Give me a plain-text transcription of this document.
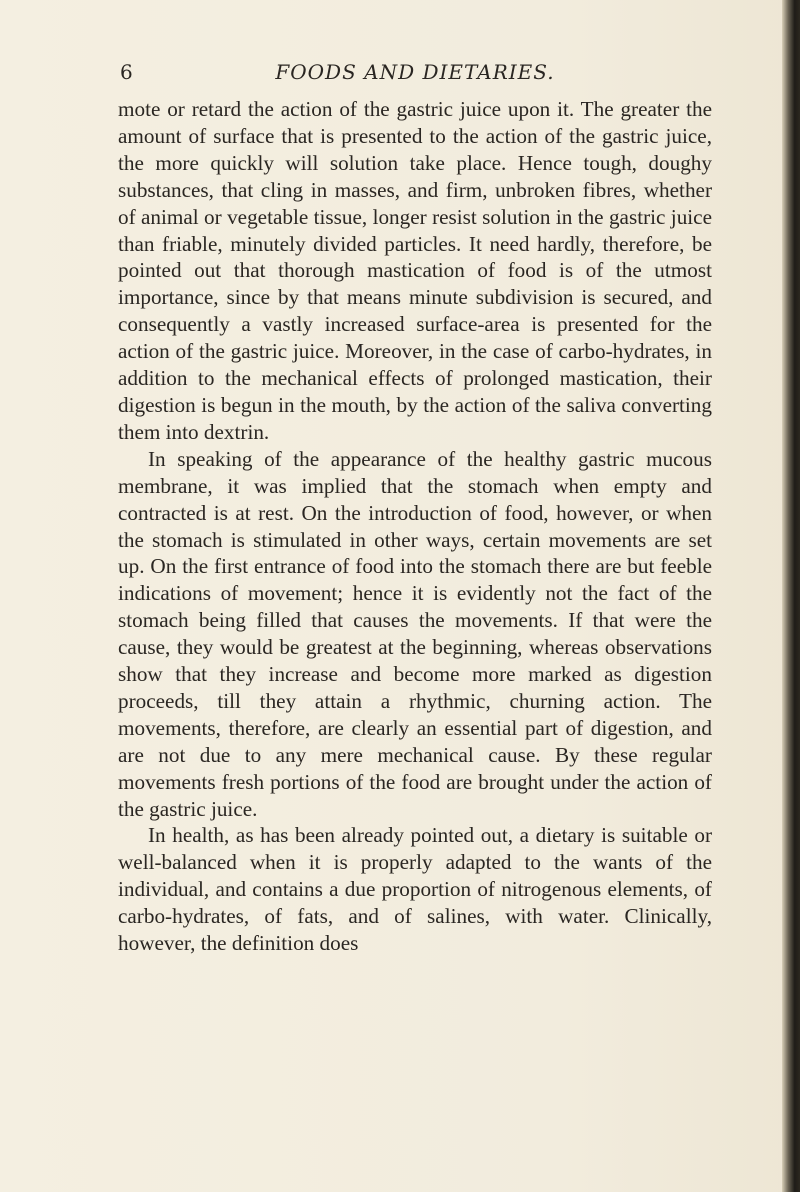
6	FOODS AND DIETARIES.

mote or retard the action of the gastric juice upon it. The greater the amount of surface that is presented to the action of the gastric juice, the more quickly will solution take place. Hence tough, doughy substances, that cling in masses, and firm, unbroken fibres, whether of animal or vegetable tissue, longer resist solution in the gastric juice than friable, minutely divided particles. It need hardly, therefore, be pointed out that thorough mastication of food is of the utmost importance, since by that means minute subdivision is secured, and consequently a vastly increased surface-area is presented for the action of the gastric juice. Moreover, in the case of carbo-hydrates, in addition to the mechanical effects of prolonged mastication, their digestion is begun in the mouth, by the action of the saliva converting them into dextrin.

In speaking of the appearance of the healthy gastric mucous membrane, it was implied that the stomach when empty and contracted is at rest. On the introduction of food, however, or when the stomach is stimulated in other ways, certain movements are set up. On the first entrance of food into the stomach there are but feeble indications of movement; hence it is evidently not the fact of the stomach being filled that causes the movements. If that were the cause, they would be greatest at the beginning, whereas observations show that they increase and become more marked as digestion proceeds, till they attain a rhythmic, churning action. The movements, therefore, are clearly an essential part of digestion, and are not due to any mere mechanical cause. By these regular movements fresh portions of the food are brought under the action of the gastric juice.

In health, as has been already pointed out, a dietary is suitable or well-balanced when it is properly adapted to the wants of the individual, and contains a due proportion of nitrogenous elements, of carbo-hydrates, of fats, and of salines, with water. Clinically, however, the definition does
